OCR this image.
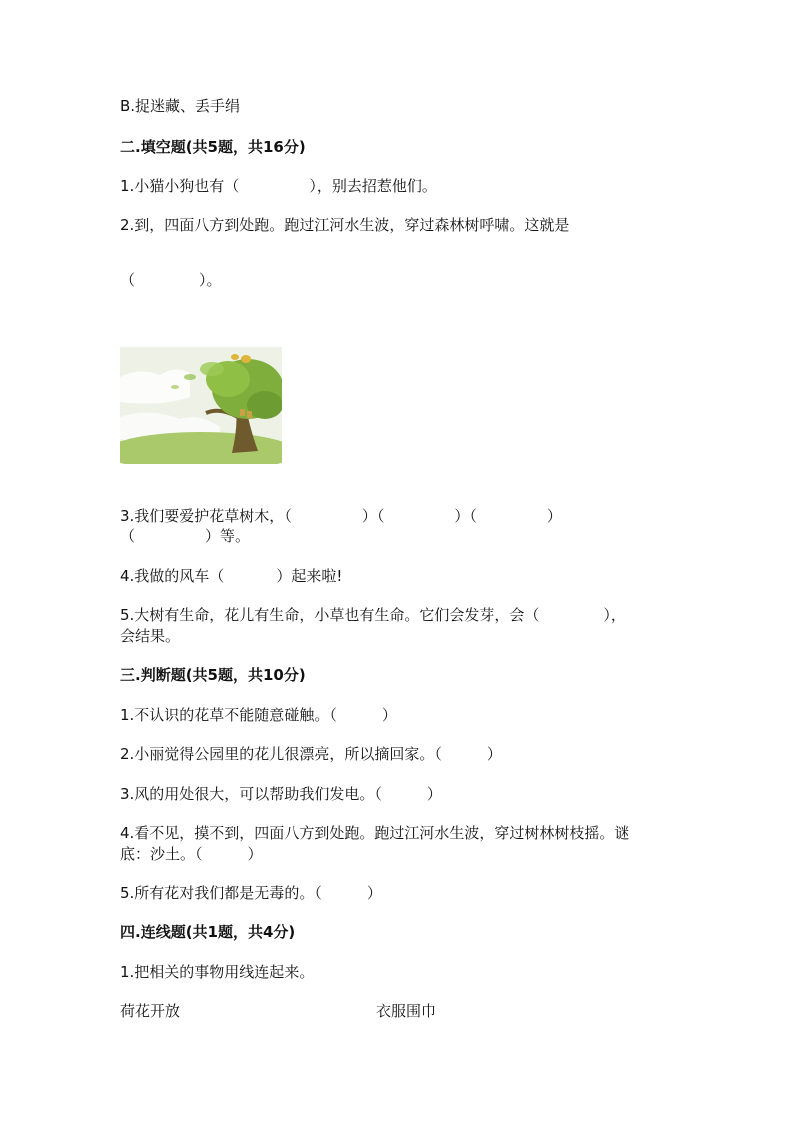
B.捉迷藏、丢手绢
二.填空题(共5题，共16分)
1.小猫小狗也有（	），别去招惹他们。
2.到，四面八方到处跑。跑过江河水生波，穿过森林树呼啸。这就是
（	）。
3.我们要爱护花草树木，（	）（	）（	）
（	）等。
4.我做的风车（	）起来啦!
5.大树有生命，花儿有生命，小草也有生命。它们会发芽，会（	），
会结果。
三.判断题(共5题，共10分)
1.不认识的花草不能随意碰触。（　　　）
2.小丽觉得公园里的花儿很漂亮，所以摘回家。（　　　）
3.风的用处很大，可以帮助我们发电。（　　　）
4.看不见，摸不到，四面八方到处跑。跑过江河水生波，穿过树林树枝摇。谜
底：沙土。（　　　）
5.所有花对我们都是无毒的。（　　　）
四.连线题(共1题，共4分)
1.把相关的事物用线连起来。
荷花开放	衣服围巾
